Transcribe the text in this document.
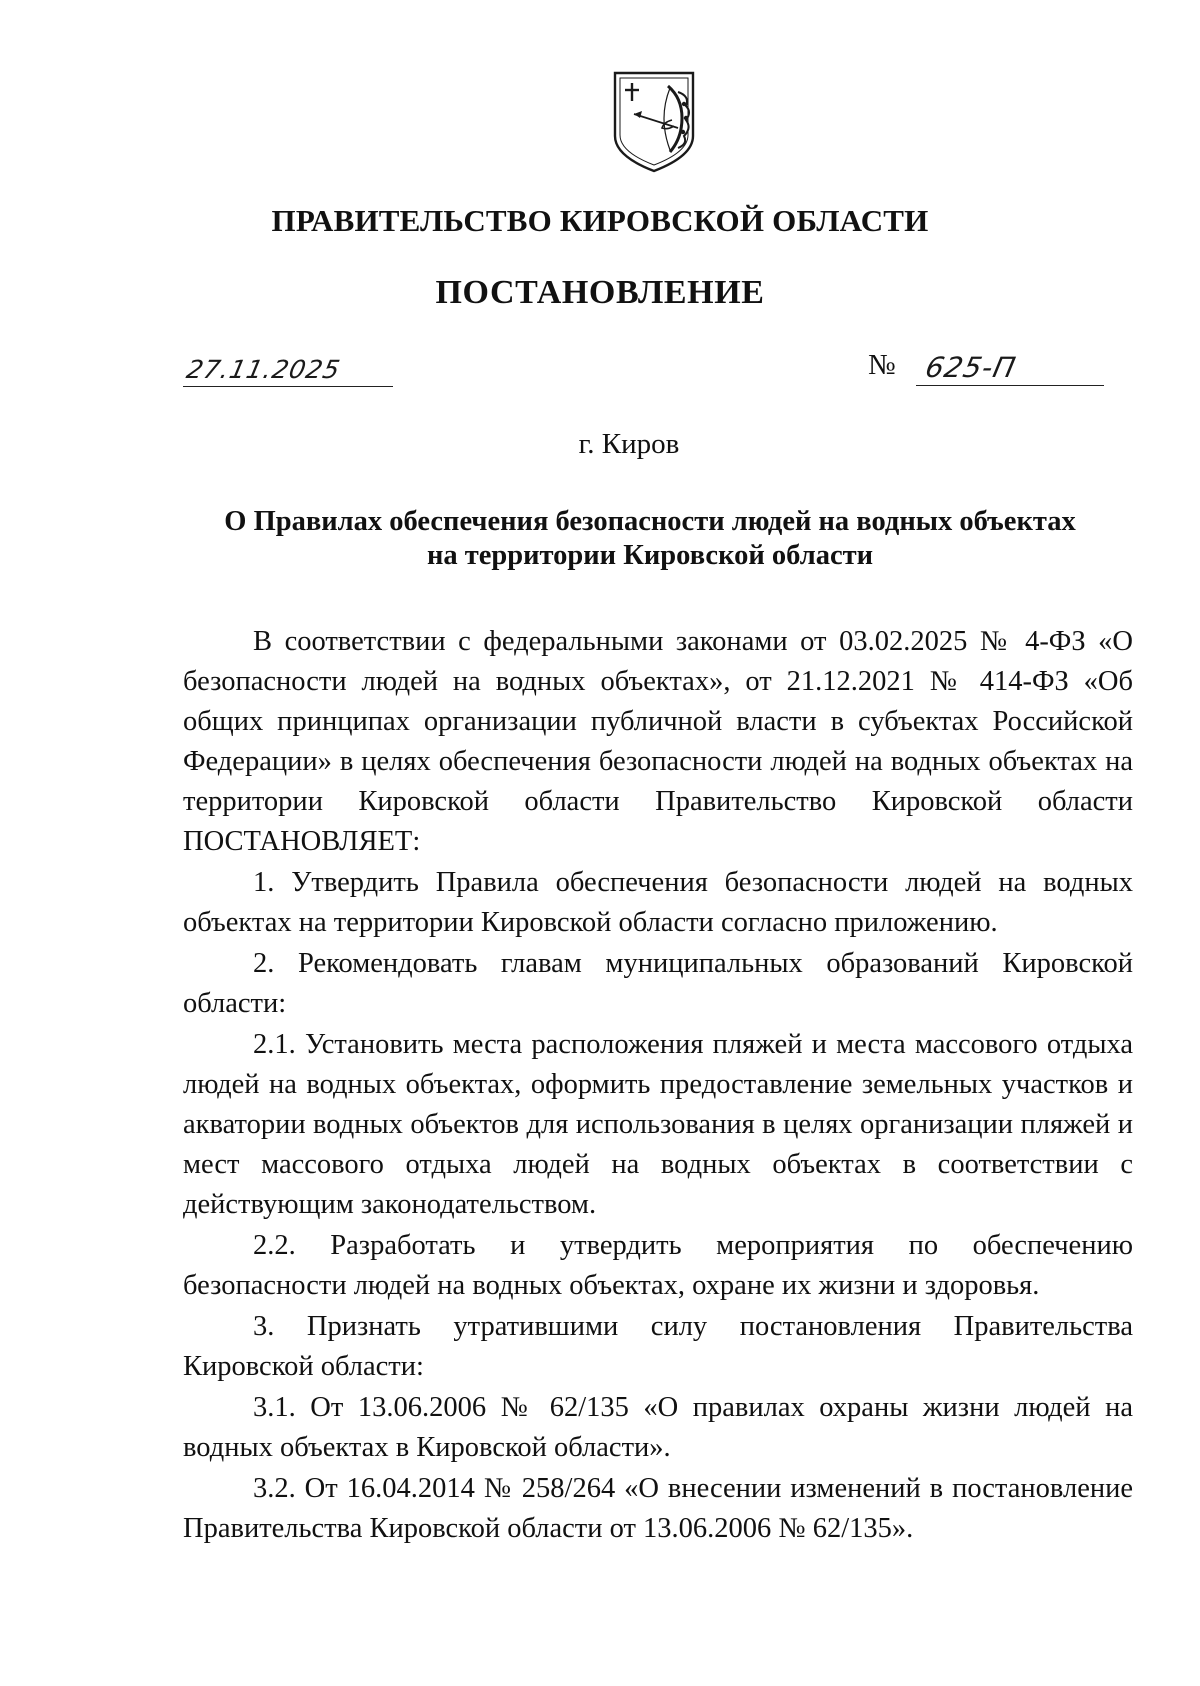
ПРАВИТЕЛЬСТВО КИРОВСКОЙ ОБЛАСТИ
ПОСТАНОВЛЕНИЕ
27.11.2025	№ 625-П
г. Киров
О Правилах обеспечения безопасности людей на водных объектах
на территории Кировской области

В соответствии с федеральными законами от 03.02.2025 № 4-ФЗ «О безопасности людей на водных объектах», от 21.12.2021 № 414-ФЗ «Об общих принципах организации публичной власти в субъектах Российской Федерации» в целях обеспечения безопасности людей на водных объектах на территории Кировской области Правительство Кировской области ПОСТАНОВЛЯЕТ:

1. Утвердить Правила обеспечения безопасности людей на водных объектах на территории Кировской области согласно приложению.

2. Рекомендовать главам муниципальных образований Кировской области:

2.1. Установить места расположения пляжей и места массового отдыха людей на водных объектах, оформить предоставление земельных участков и акватории водных объектов для использования в целях организации пляжей и мест массового отдыха людей на водных объектах в соответствии с действующим законодательством.

2.2. Разработать и утвердить мероприятия по обеспечению безопасности людей на водных объектах, охране их жизни и здоровья.

3. Признать утратившими силу постановления Правительства Кировской области:

3.1. От 13.06.2006 № 62/135 «О правилах охраны жизни людей на водных объектах в Кировской области».

3.2. От 16.04.2014 № 258/264 «О внесении изменений в постановление Правительства Кировской области от 13.06.2006 № 62/135».
